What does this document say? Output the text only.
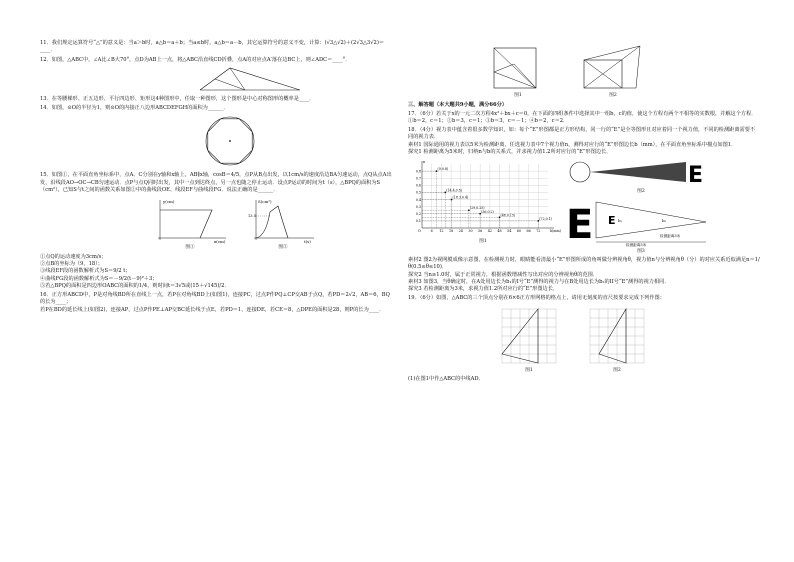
11．我们规定运算符号“△”的意义是：当a＞b时，a△b＝a＋b；当a≤b时，a△b＝a－b，其它运算符号的意义不变，计算：(√3△√2)＋(2√3△3√2)＝____．

12．如图，△ABC中，∠A比∠B大70°，点D为AB上一点，将△ABC沿直线CD折叠，点A的对应点A′落在边BC上，则∠ADC＝____°．

13．在等腰梯形、正五边形、平行四边形、矩形这4种图形中，任取一种图形，这个图形是中心对称图形的概率是____．

14．如图，⊙O的半径为1，则⊙O的内接正八边形ABCDEFGH的面积为______．

15．如图①，在平面直角坐标系中，点A、C分别在y轴和x轴上，AB∥x轴，cosB＝4/5，点P从B点出发，以1cm/s的速度沿边BA匀速运动，点Q从点A出发，沿线段AO→OC→CB匀速运动．点P与点Q同时出发，其中一点到达终点，另一点也随之停止运动．设点P运动的时间为t（s），△BPQ的面积为S（cm²），已知S与t之间的函数关系如图②中的曲线段OE、线段EF与曲线段FG．说法正确的是______．

y(cm)
x(cm)
图①
S(cm²)
13.5
t(s)
图②

①点Q的运动速度为3cm/s；

②点B的坐标为（9，18）；

③线段EF段的函数解析式为S＝9/2 t；

④曲线FG段的函数解析式为S＝－9/2(t－9)²＋3；

⑤若△BPQ的面积是四边形OABC的面积的1/4，则时间t＝3√5或(15＋√145)/2．

16．正方形ABCD中，P是对角线BD所在直线上一点，若P在对角线BD上(如图1)，连接PC，过点P作PQ⊥CP交AB于点Q，若PD＝2√2，AB＝6，BQ的长为____；

若P在BD的延长线上(如图2)，连接AP，过点P作PE⊥AP交BC延长线于点E，若PD＝1，连接DE，若CE＝8，△DPE的面积是28，则P的长为____．

图1	图2

三、解答题（本大题共9小题，满分66分）

17．（6分）若关于x的一元二次方程4x²＋bx＋c＝0，在下面的四组条件中选择其中一组b，c的值，使这个方程有两个不相等的实数根，并解这个方程．①b＝2，c＝1；②b＝3，c＝1；③b＝3，c＝－1；④b＝2，c＝2．

18．（4分）视力表中蕴含着很多数学知识，如：每个“E”形图都是正方形结构，同一行的“E”是全等图形且对应着同一个视力值，不同的检测距离需要不同的视力表．

素材1 国际通用的视力表以5米为检测距离，任选视力表中7个视力值n，测得对应行的“E”形图边长b（mm），在平面直角坐标系中描点如图1．

探究1 检测距离为5米时，归纳n与b的关系式，并求视力值1.2所对应行的“E”形图边长．

0.1
0.2
0.3
0.4
0.5
0.6
0.7
0.8
6 12 18 24 30 36 42 48 54 60 66 72	b(mm)
n
O
(9,0.8)
(14.4,0.5)
(18.3,0.4)
(29,0.25)
(36,0.2)
(48,0.15)
(72,0.1)
图1
E
图2
E E b₁	b₂
检测距离5米
检测距离3米
图3

素材2 图2为视网膜成像示意图，在检测视力时，眼睛能看清最小“E”形图所成的角叫做分辨视角θ，视力值n与分辨视角θ（分）的对应关系近似满足n＝1/θ(0.5≤θ≤10)．

探究2 当n≥1.0时，属于正常视力，根据函数增减性写出对应的分辨视角θ的范围．

素材3 如图3，当θ确定时，在A处用边长为b₁的I号“E”测得的视力与在B处用边长为b₂的II号“E”测得的视力相同．

探究3 若检测距离为3米，求视力值1.2所对应行的“E”形图边长．

19．（6分）如图，△ABC的三个顶点分别在6×6正方形网格的格点上，请用无刻度的直尺按要求完成下列作图：

图1	图2

(1)在图1中作△ABC的中线AD．
